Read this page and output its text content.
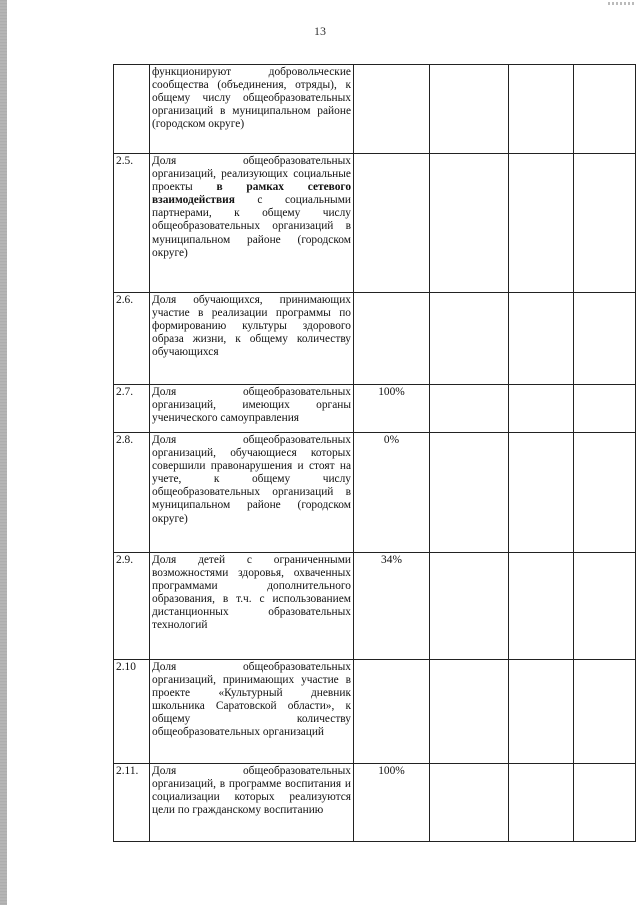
13
	функционируют добровольческие сообщества (объединения, отряды), к общему числу общеобразовательных организаций в муниципальном районе (городском округе)				
2.5.	Доля общеобразовательных организаций, реализующих социальные проекты в рамках сетевого взаимодействия с социальными партнерами, к общему числу общеобразовательных организаций в муниципальном районе (городском округе)				
2.6.	Доля обучающихся, принимающих участие в реализации программы по формированию культуры здорового образа жизни, к общему количеству обучающихся				
2.7.	Доля общеобразовательных организаций, имеющих органы ученического самоуправления	100%			
2.8.	Доля общеобразовательных организаций, обучающиеся которых совершили правонарушения и стоят на учете, к общему числу общеобразовательных организаций в муниципальном районе (городском округе)	0%			
2.9.	Доля детей с ограниченными возможностями здоровья, охваченных программами дополнительного образования, в т.ч. с использованием дистанционных образовательных технологий	34%			
2.10	Доля общеобразовательных организаций, принимающих участие в проекте «Культурный дневник школьника Саратовской области», к общему количеству общеобразовательных организаций				
2.11.	Доля общеобразовательных организаций, в программе воспитания и социализации которых реализуются цели по гражданскому воспитанию	100%			
